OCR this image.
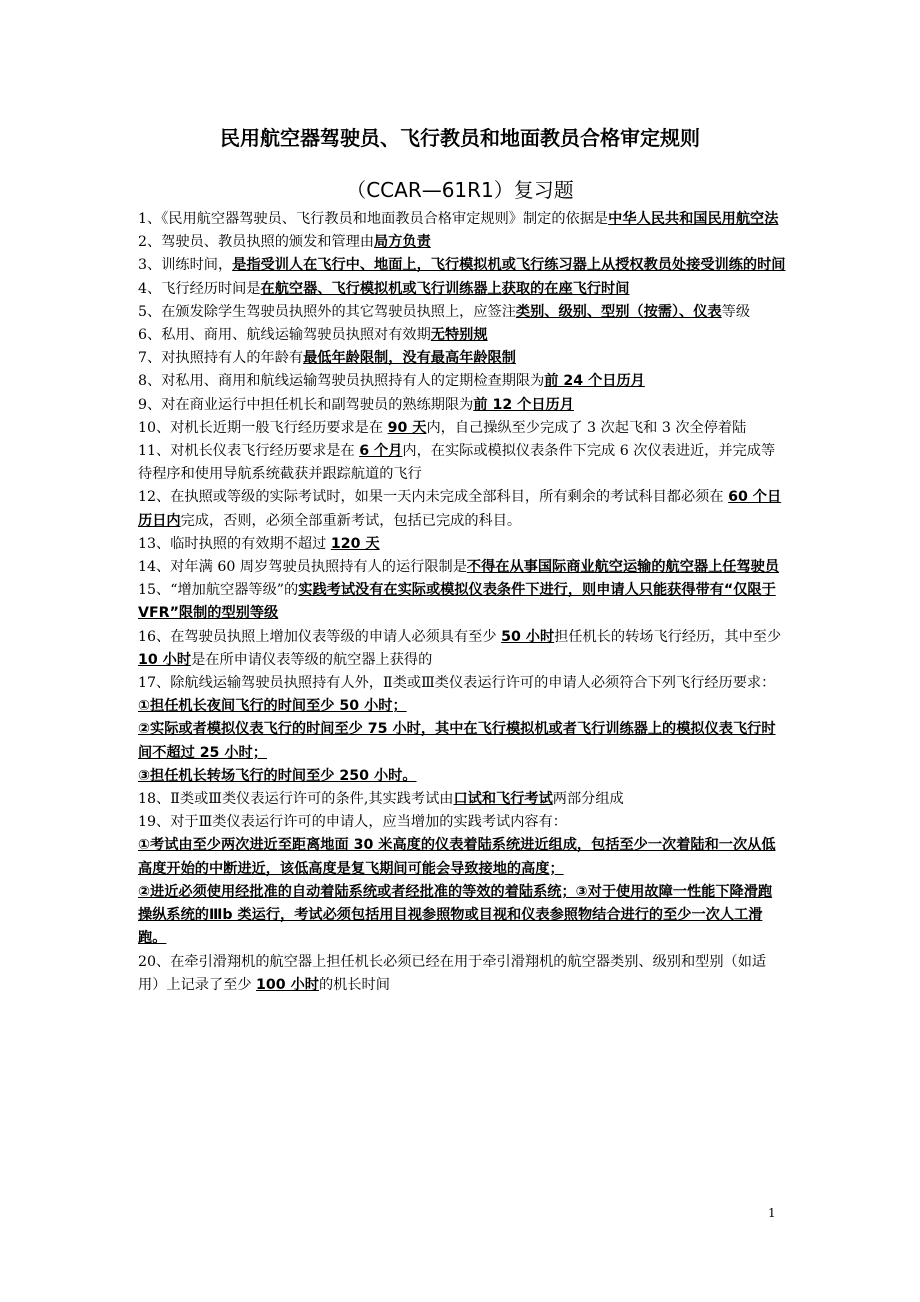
民用航空器驾驶员、飞行教员和地面教员合格审定规则
（CCAR—61R1）复习题

1、《民用航空器驾驶员、飞行教员和地面教员合格审定规则》制定的依据是中华人民共和国民用航空法

2、驾驶员、教员执照的颁发和管理由局方负责

3、训练时间，是指受训人在飞行中、地面上，飞行模拟机或飞行练习器上从授权教员处接受训练的时间

4、飞行经历时间是在航空器、飞行模拟机或飞行训练器上获取的在座飞行时间

5、在颁发除学生驾驶员执照外的其它驾驶员执照上，应签注类别、级别、型别（按需）、仪表等级

6、私用、商用、航线运输驾驶员执照对有效期无特别规

7、对执照持有人的年龄有最低年龄限制，没有最高年龄限制

8、对私用、商用和航线运输驾驶员执照持有人的定期检查期限为前 24 个日历月

9、对在商业运行中担任机长和副驾驶员的熟练期限为前 12 个日历月

10、对机长近期一般飞行经历要求是在 90 天内，自己操纵至少完成了 3 次起飞和 3 次全停着陆

11、对机长仪表飞行经历要求是在 6 个月内，在实际或模拟仪表条件下完成 6 次仪表进近，并完成等待程序和使用导航系统截获并跟踪航道的飞行

12、在执照或等级的实际考试时，如果一天内未完成全部科目，所有剩余的考试科目都必须在 60 个日历日内完成，否则，必须全部重新考试，包括已完成的科目。

13、临时执照的有效期不超过 120 天

14、对年满 60 周岁驾驶员执照持有人的运行限制是不得在从事国际商业航空运输的航空器上任驾驶员

15、“增加航空器等级”的实践考试没有在实际或模拟仪表条件下进行，则申请人只能获得带有“仅限于 VFR”限制的型别等级

16、在驾驶员执照上增加仪表等级的申请人必须具有至少 50 小时担任机长的转场飞行经历，其中至少 10 小时是在所申请仪表等级的航空器上获得的

17、除航线运输驾驶员执照持有人外，Ⅱ类或Ⅲ类仪表运行许可的申请人必须符合下列飞行经历要求：

①担任机长夜间飞行的时间至少 50 小时；

②实际或者模拟仪表飞行的时间至少 75 小时，其中在飞行模拟机或者飞行训练器上的模拟仪表飞行时间不超过 25 小时；

③担任机长转场飞行的时间至少 250 小时。

18、Ⅱ类或Ⅲ类仪表运行许可的条件,其实践考试由口试和飞行考试两部分组成

19、对于Ⅲ类仪表运行许可的申请人，应当增加的实践考试内容有：

①考试由至少两次进近至距离地面 30 米高度的仪表着陆系统进近组成，包括至少一次着陆和一次从低高度开始的中断进近，该低高度是复飞期间可能会导致接地的高度；

②进近必须使用经批准的自动着陆系统或者经批准的等效的着陆系统；③对于使用故障一性能下降滑跑操纵系统的Ⅲb 类运行，考试必须包括用目视参照物或目视和仪表参照物结合进行的至少一次人工滑跑。

20、在牵引滑翔机的航空器上担任机长必须已经在用于牵引滑翔机的航空器类别、级别和型别（如适用）上记录了至少 100 小时的机长时间

1
